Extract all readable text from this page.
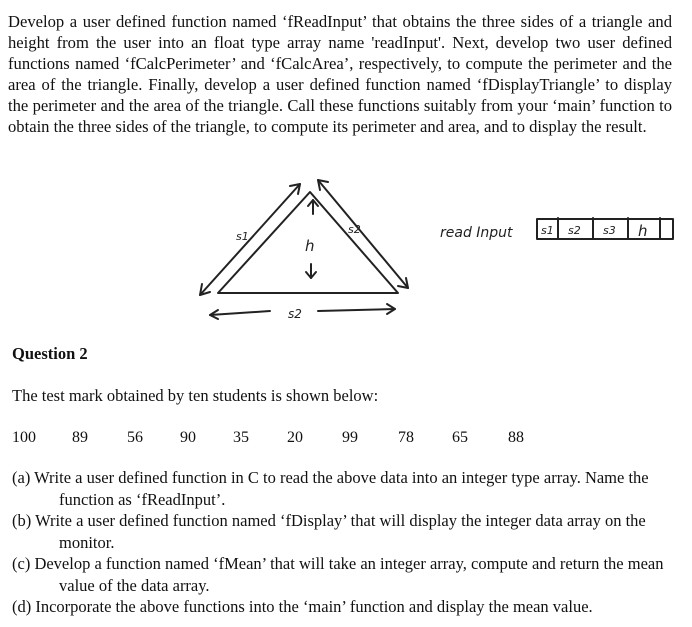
Develop a user defined function named ‘fReadInput’ that obtains the three sides of a triangle and height from the user into an float type array name 'readInput'. Next, develop two user defined functions named ‘fCalcPerimeter’ and ‘fCalcArea’, respectively, to compute the perimeter and the area of the triangle. Finally, develop a user defined function named ‘fDisplayTriangle’ to display the perimeter and the area of the triangle. Call these functions suitably from your ‘main’ function to obtain the three sides of the triangle, to compute its perimeter and area, and to display the result.
s1
s2
h
s2
read Input	s1 s2 s3 h
Question 2
The test mark obtained by ten students is shown below:
100 89 56 90 35 20 99	78 65	88
(a) Write a user defined function in C to read the above data into an integer type array. Name the function as ‘fReadInput’.
(b) Write a user defined function named ‘fDisplay’ that will display the integer data array on the monitor.
(c) Develop a function named ‘fMean’ that will take an integer array, compute and return the mean value of the data array.
(d) Incorporate the above functions into the ‘main’ function and display the mean value.
